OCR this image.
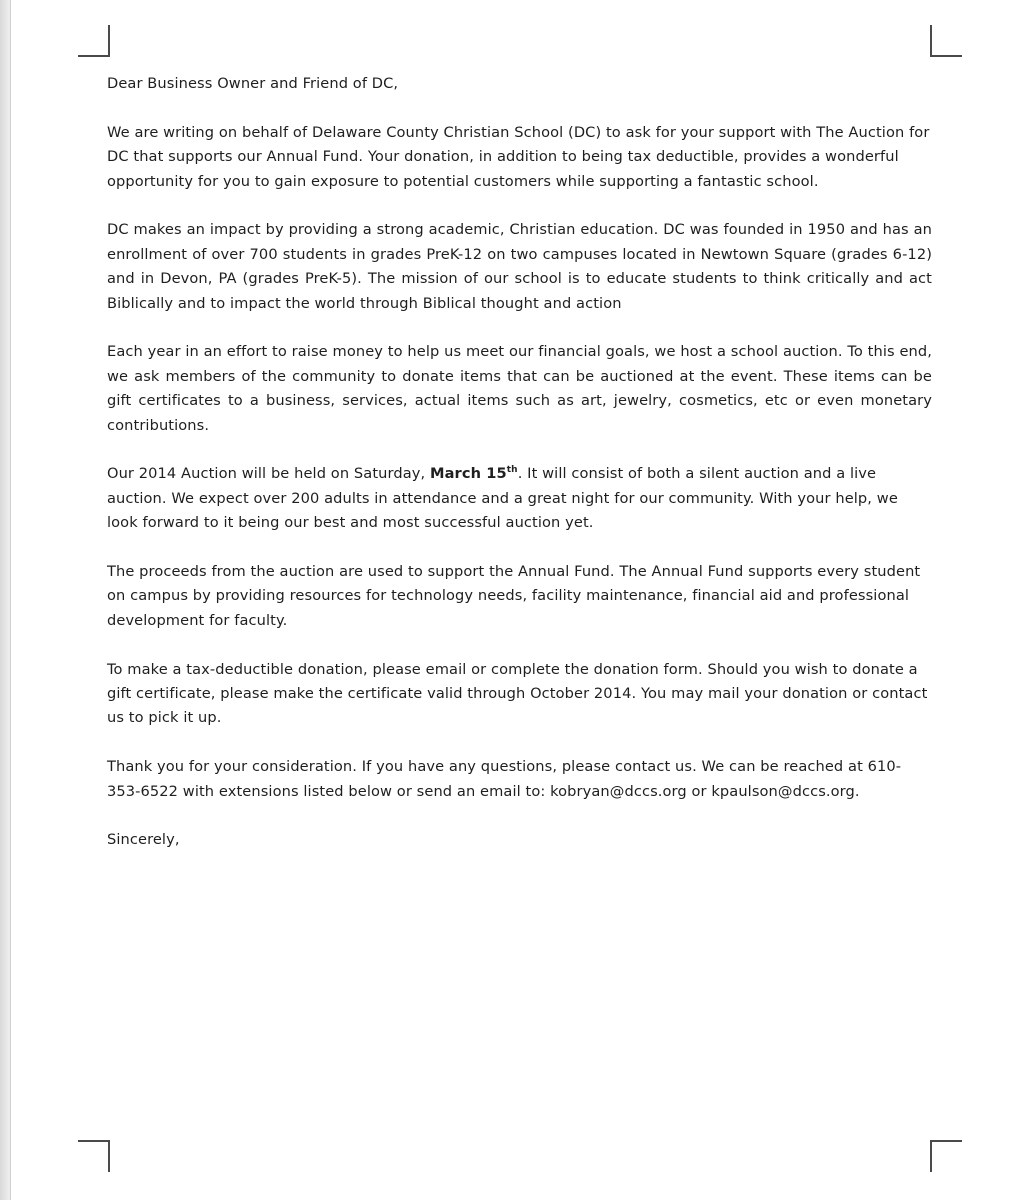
Dear Business Owner and Friend of DC,

We are writing on behalf of Delaware County Christian School (DC) to ask for your support with The Auction for DC that supports our Annual Fund. Your donation, in addition to being tax deductible, provides a wonderful opportunity for you to gain exposure to potential customers while supporting a fantastic school.

DC makes an impact by providing a strong academic, Christian education. DC was founded in 1950 and has an enrollment of over 700 students in grades PreK-12 on two campuses located in Newtown Square (grades 6-12) and in Devon, PA (grades PreK-5). The mission of our school is to educate students to think critically and act Biblically and to impact the world through Biblical thought and action

Each year in an effort to raise money to help us meet our financial goals, we host a school auction. To this end, we ask members of the community to donate items that can be auctioned at the event. These items can be gift certificates to a business, services, actual items such as art, jewelry, cosmetics, etc or even monetary contributions.

Our 2014 Auction will be held on Saturday, March 15th. It will consist of both a silent auction and a live auction. We expect over 200 adults in attendance and a great night for our community. With your help, we look forward to it being our best and most successful auction yet.

The proceeds from the auction are used to support the Annual Fund. The Annual Fund supports every student on campus by providing resources for technology needs, facility maintenance, financial aid and professional development for faculty.

To make a tax-deductible donation, please email or complete the donation form. Should you wish to donate a gift certificate, please make the certificate valid through October 2014. You may mail your donation or contact us to pick it up.

Thank you for your consideration. If you have any questions, please contact us. We can be reached at 610-353-6522 with extensions listed below or send an email to: kobryan@dccs.org or kpaulson@dccs.org.

Sincerely,
